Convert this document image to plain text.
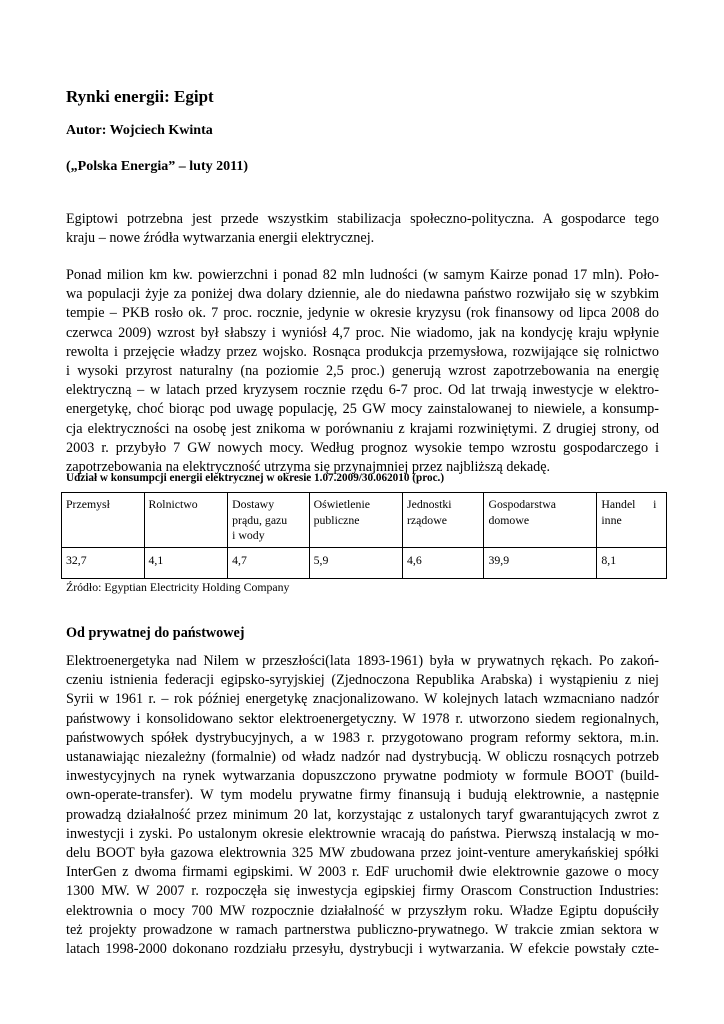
Rynki energii: Egipt

Autor: Wojciech Kwinta

(„Polska Energia” – luty 2011)

Egiptowi potrzebna jest przede wszystkim stabilizacja społeczno-polityczna. A gospodarce tego
kraju – nowe źródła wytwarzania energii elektrycznej.
Ponad milion km kw. powierzchni i ponad 82 mln ludności (w samym Kairze ponad 17 mln). Poło-
wa populacji żyje za poniżej dwa dolary dziennie, ale do niedawna państwo rozwijało się w szybkim
tempie – PKB rosło ok. 7 proc. rocznie, jedynie w okresie kryzysu (rok finansowy od lipca 2008 do
czerwca 2009) wzrost był słabszy i wyniósł 4,7 proc. Nie wiadomo, jak na kondycję kraju wpłynie
rewolta i przejęcie władzy przez wojsko. Rosnąca produkcja przemysłowa, rozwijające się rolnictwo
i wysoki przyrost naturalny (na poziomie 2,5 proc.) generują wzrost zapotrzebowania na energię
elektryczną – w latach przed kryzysem rocznie rzędu 6-7 proc. Od lat trwają inwestycje w elektro-
energetykę, choć biorąc pod uwagę populację, 25 GW mocy zainstalowanej to niewiele, a konsump-
cja elektryczności na osobę jest znikoma w porównaniu z krajami rozwiniętymi. Z drugiej strony, od
2003 r. przybyło 7 GW nowych mocy. Według prognoz wysokie tempo wzrostu gospodarczego i
zapotrzebowania na elektryczność utrzyma się przynajmniej przez najbliższą dekadę.

Udział w konsumpcji energii elektrycznej w okresie 1.07.2009/30.062010 (proc.)

Przemysł	Rolnictwo	Dostawy
prądu, gazu
i wody	Oświetlenie
publiczne	Jednostki
rządowe	Gospodarstwa
domowe	Handel      i
inne
32,7	4,1	4,7	5,9	4,6	39,9	8,1

Źródło: Egyptian Electricity Holding Company

Od prywatnej do państwowej
Elektroenergetyka nad Nilem w przeszłości(lata 1893-1961) była w prywatnych rękach. Po zakoń-
czeniu istnienia federacji egipsko-syryjskiej (Zjednoczona Republika Arabska) i wystąpieniu z niej
Syrii w 1961 r. – rok później energetykę znacjonalizowano. W kolejnych latach wzmacniano nadzór
państwowy i konsolidowano sektor elektroenergetyczny. W 1978 r. utworzono siedem regionalnych,
państwowych spółek dystrybucyjnych, a w 1983 r. przygotowano program reformy sektora, m.in.
ustanawiając niezależny (formalnie) od władz nadzór nad dystrybucją. W obliczu rosnących potrzeb
inwestycyjnych na rynek wytwarzania dopuszczono prywatne podmioty w formule BOOT (build-
own-operate-transfer). W tym modelu prywatne firmy finansują i budują elektrownie, a następnie
prowadzą działalność przez minimum 20 lat, korzystając z ustalonych taryf gwarantujących zwrot z
inwestycji i zyski. Po ustalonym okresie elektrownie wracają do państwa. Pierwszą instalacją w mo-
delu BOOT była gazowa elektrownia 325 MW zbudowana przez joint-venture amerykańskiej spółki
InterGen z dwoma firmami egipskimi. W 2003 r. EdF uruchomił dwie elektrownie gazowe o mocy
1300 MW. W 2007 r. rozpoczęła się inwestycja egipskiej firmy Orascom Construction Industries:
elektrownia o mocy 700 MW rozpocznie działalność w przyszłym roku. Władze Egiptu dopuściły
też projekty prowadzone w ramach partnerstwa publiczno-prywatnego. W trakcie zmian sektora w
latach 1998-2000 dokonano rozdziału przesyłu, dystrybucji i wytwarzania. W efekcie powstały czte-
